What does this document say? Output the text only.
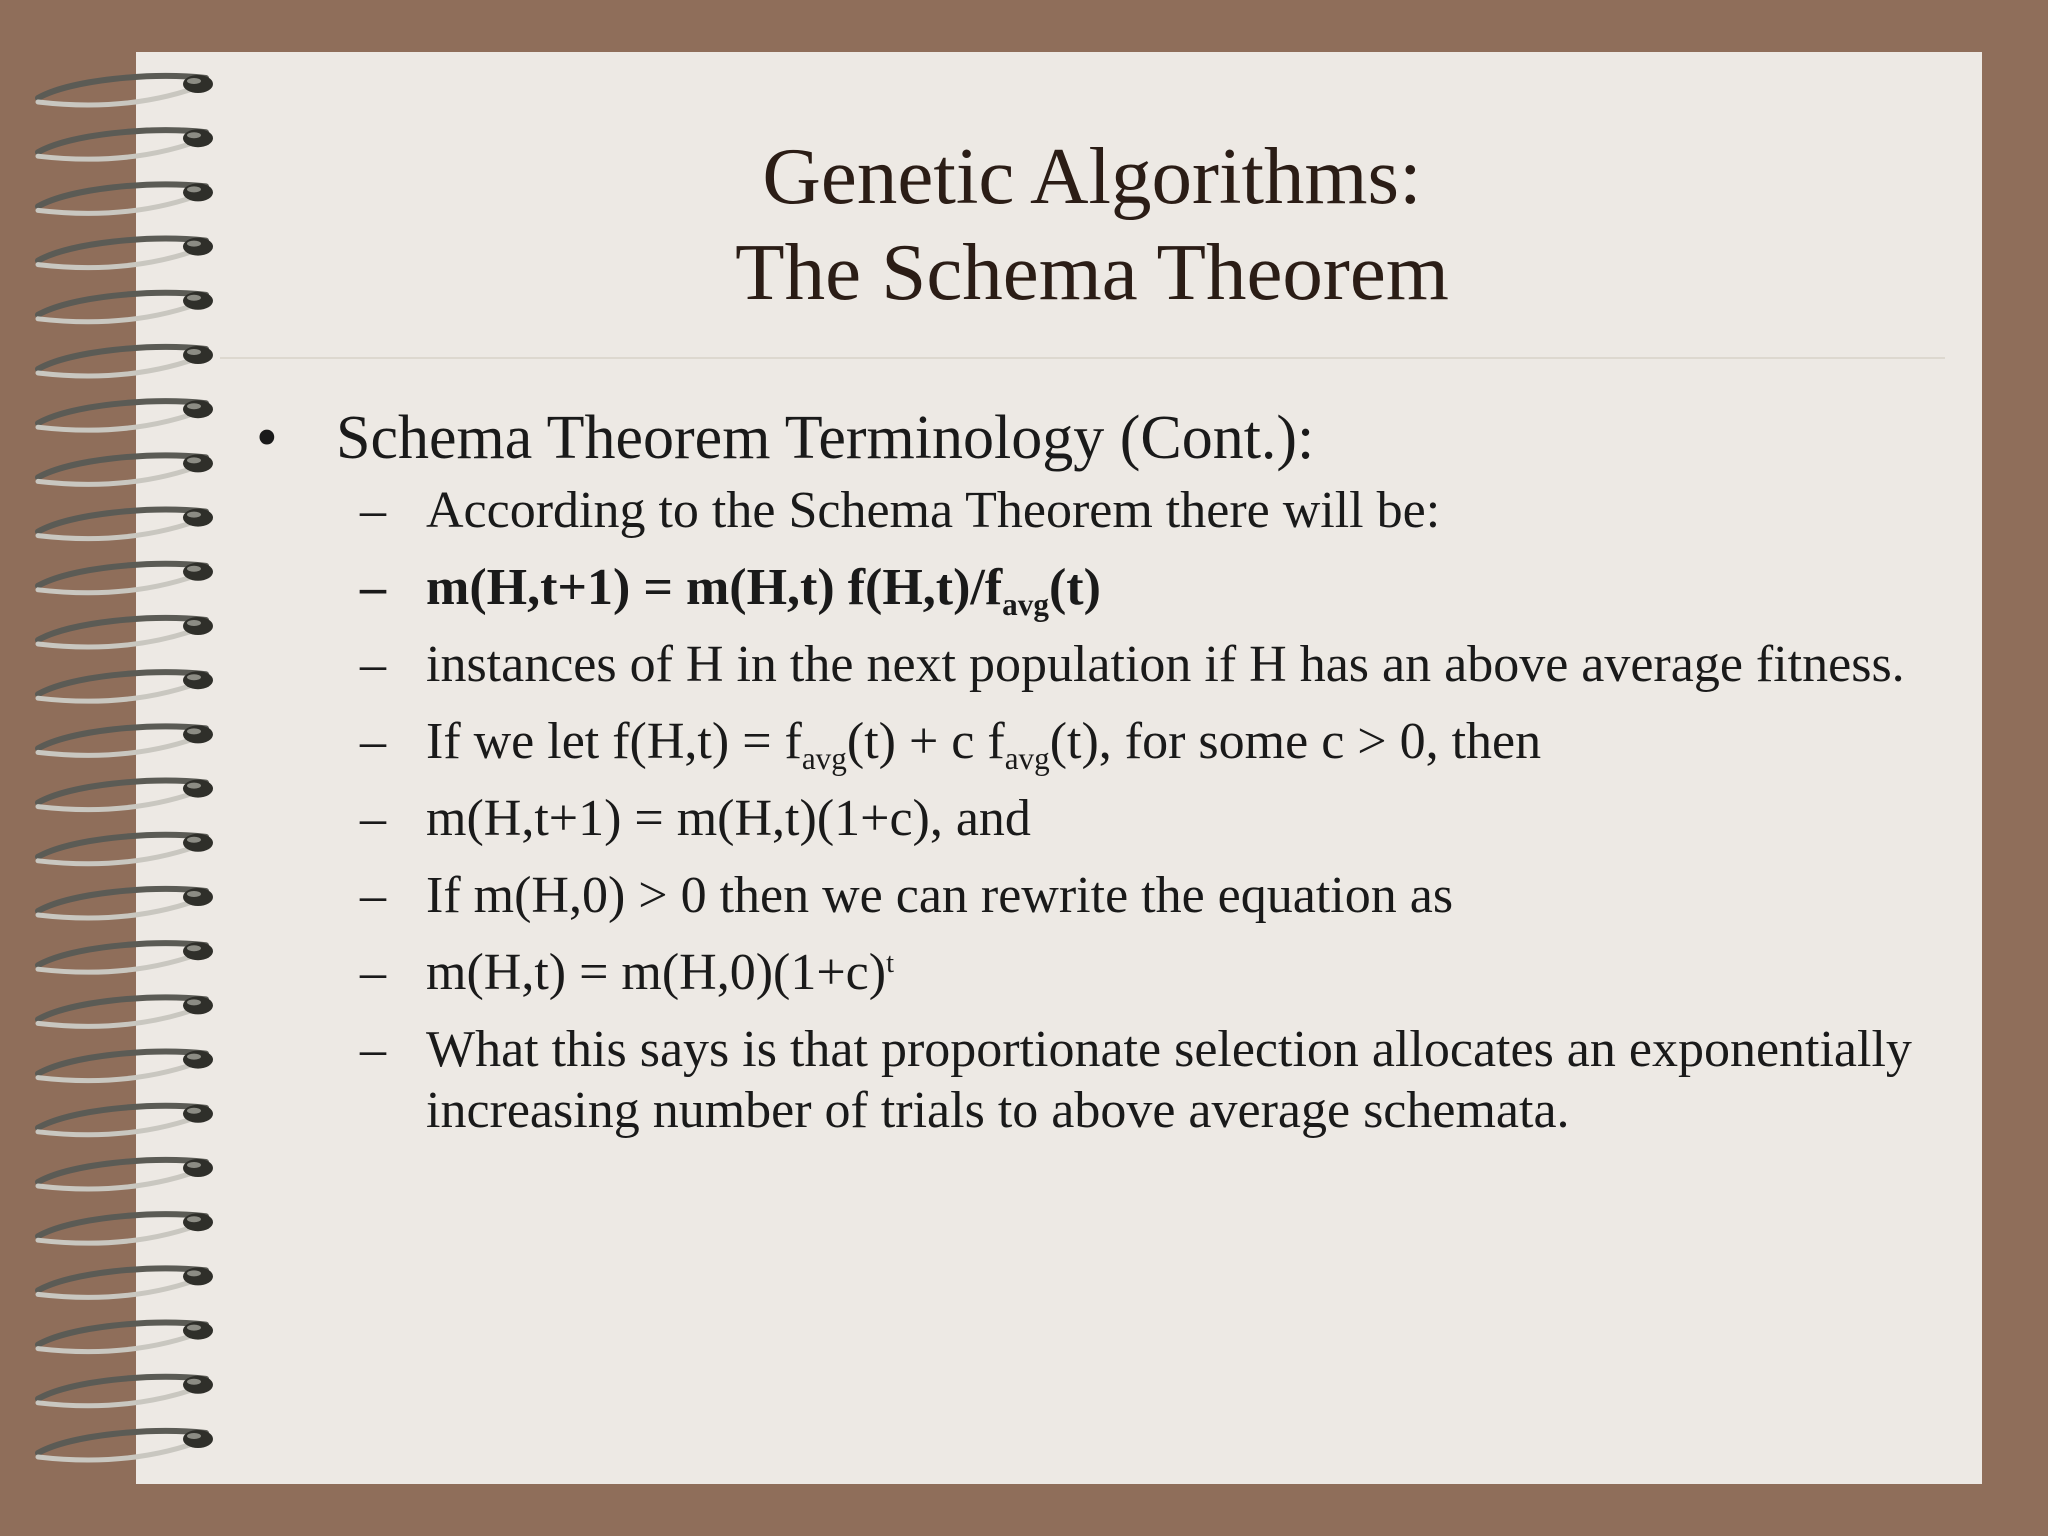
Genetic Algorithms:
The Schema Theorem

• Schema Theorem Terminology (Cont.):

– According to the Schema Theorem there will be:
– m(H,t+1) = m(H,t) $f(H,t)/f_{avg}(t)$
– instances of H in the next population if H has an above average fitness.
– If we let $f(H,t) = f_{avg}(t) + c$ $f_{avg}(t)$, for some c > 0, then
– m(H,t+1) = m(H,t)(1+c), and
– If m(H,0) > 0 then we can rewrite the equation as
– $m(H,t) = m(H,0)(1+c)^t$
– What this says is that proportionate selection allocates an exponentially increasing number of trials to above average schemata.
